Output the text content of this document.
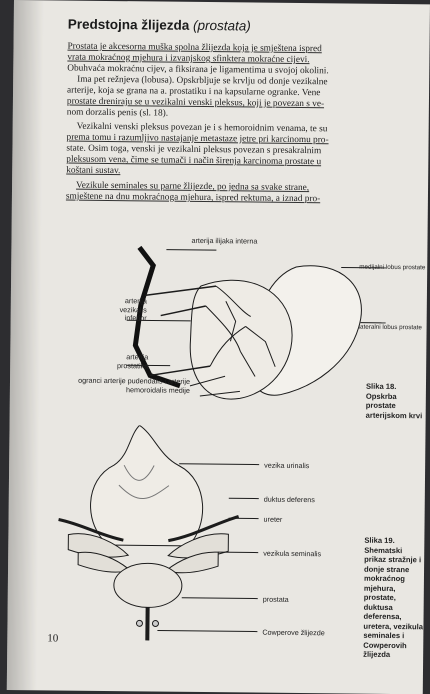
Predstojna žlijezda (prostata)
Prostata je akcesorna muška spolna žlijezda koja je smještena ispred
vrata mokraćnog mjehura i izvanjskog sfinktera mokraćne cijevi.
Obuhvaća mokraćnu cijev, a fiksirana je ligamentima u svojoj okolini.
Ima pet režnjeva (lobusa). Opskrbljuje se krvlju od donje vezikalne
arterije, koja se grana na a. prostatiku i na kapsularne ogranke. Vene
prostate dreniraju se u vezikalni venski pleksus, koji je povezan s ve-
nom dorzalis penis (sl. 18).
Vezikalni venski pleksus povezan je i s hemoroidnim venama, te su
prema tomu i razumljivo nastajanje metastaze jetre pri karcinomu pro-
state. Osim toga, venski je vezikalni pleksus povezan s presakralnim
pleksusom vena, čime se tumači i način širenja karcinoma prostate u
koštani sustav.
Vezikule seminales su parne žlijezde, po jedna sa svake strane,
smještene na dnu mokraćnoga mjehura, ispred rektuma, a iznad pro-
arterija ilijaka interna
medijalni lobus prostate
arterija vezikalis inferior
lateralni lobus prostate
arterija prostatika
ogranci arterije pudendalis i arterije hemoroidalis medije	Slika 18. Opskrba prostate arterijskom krvi
vezika urinalis
duktus deferens
ureter
vezikula seminalis
prostata
Cowperove žlijezde
Slika 19. Shematski prikaz stražnje i donje strane mokraćnog mjehura, prostate, duktusa deferensa, uretera, vezikula seminales i Cowperovih žlijezda
10
